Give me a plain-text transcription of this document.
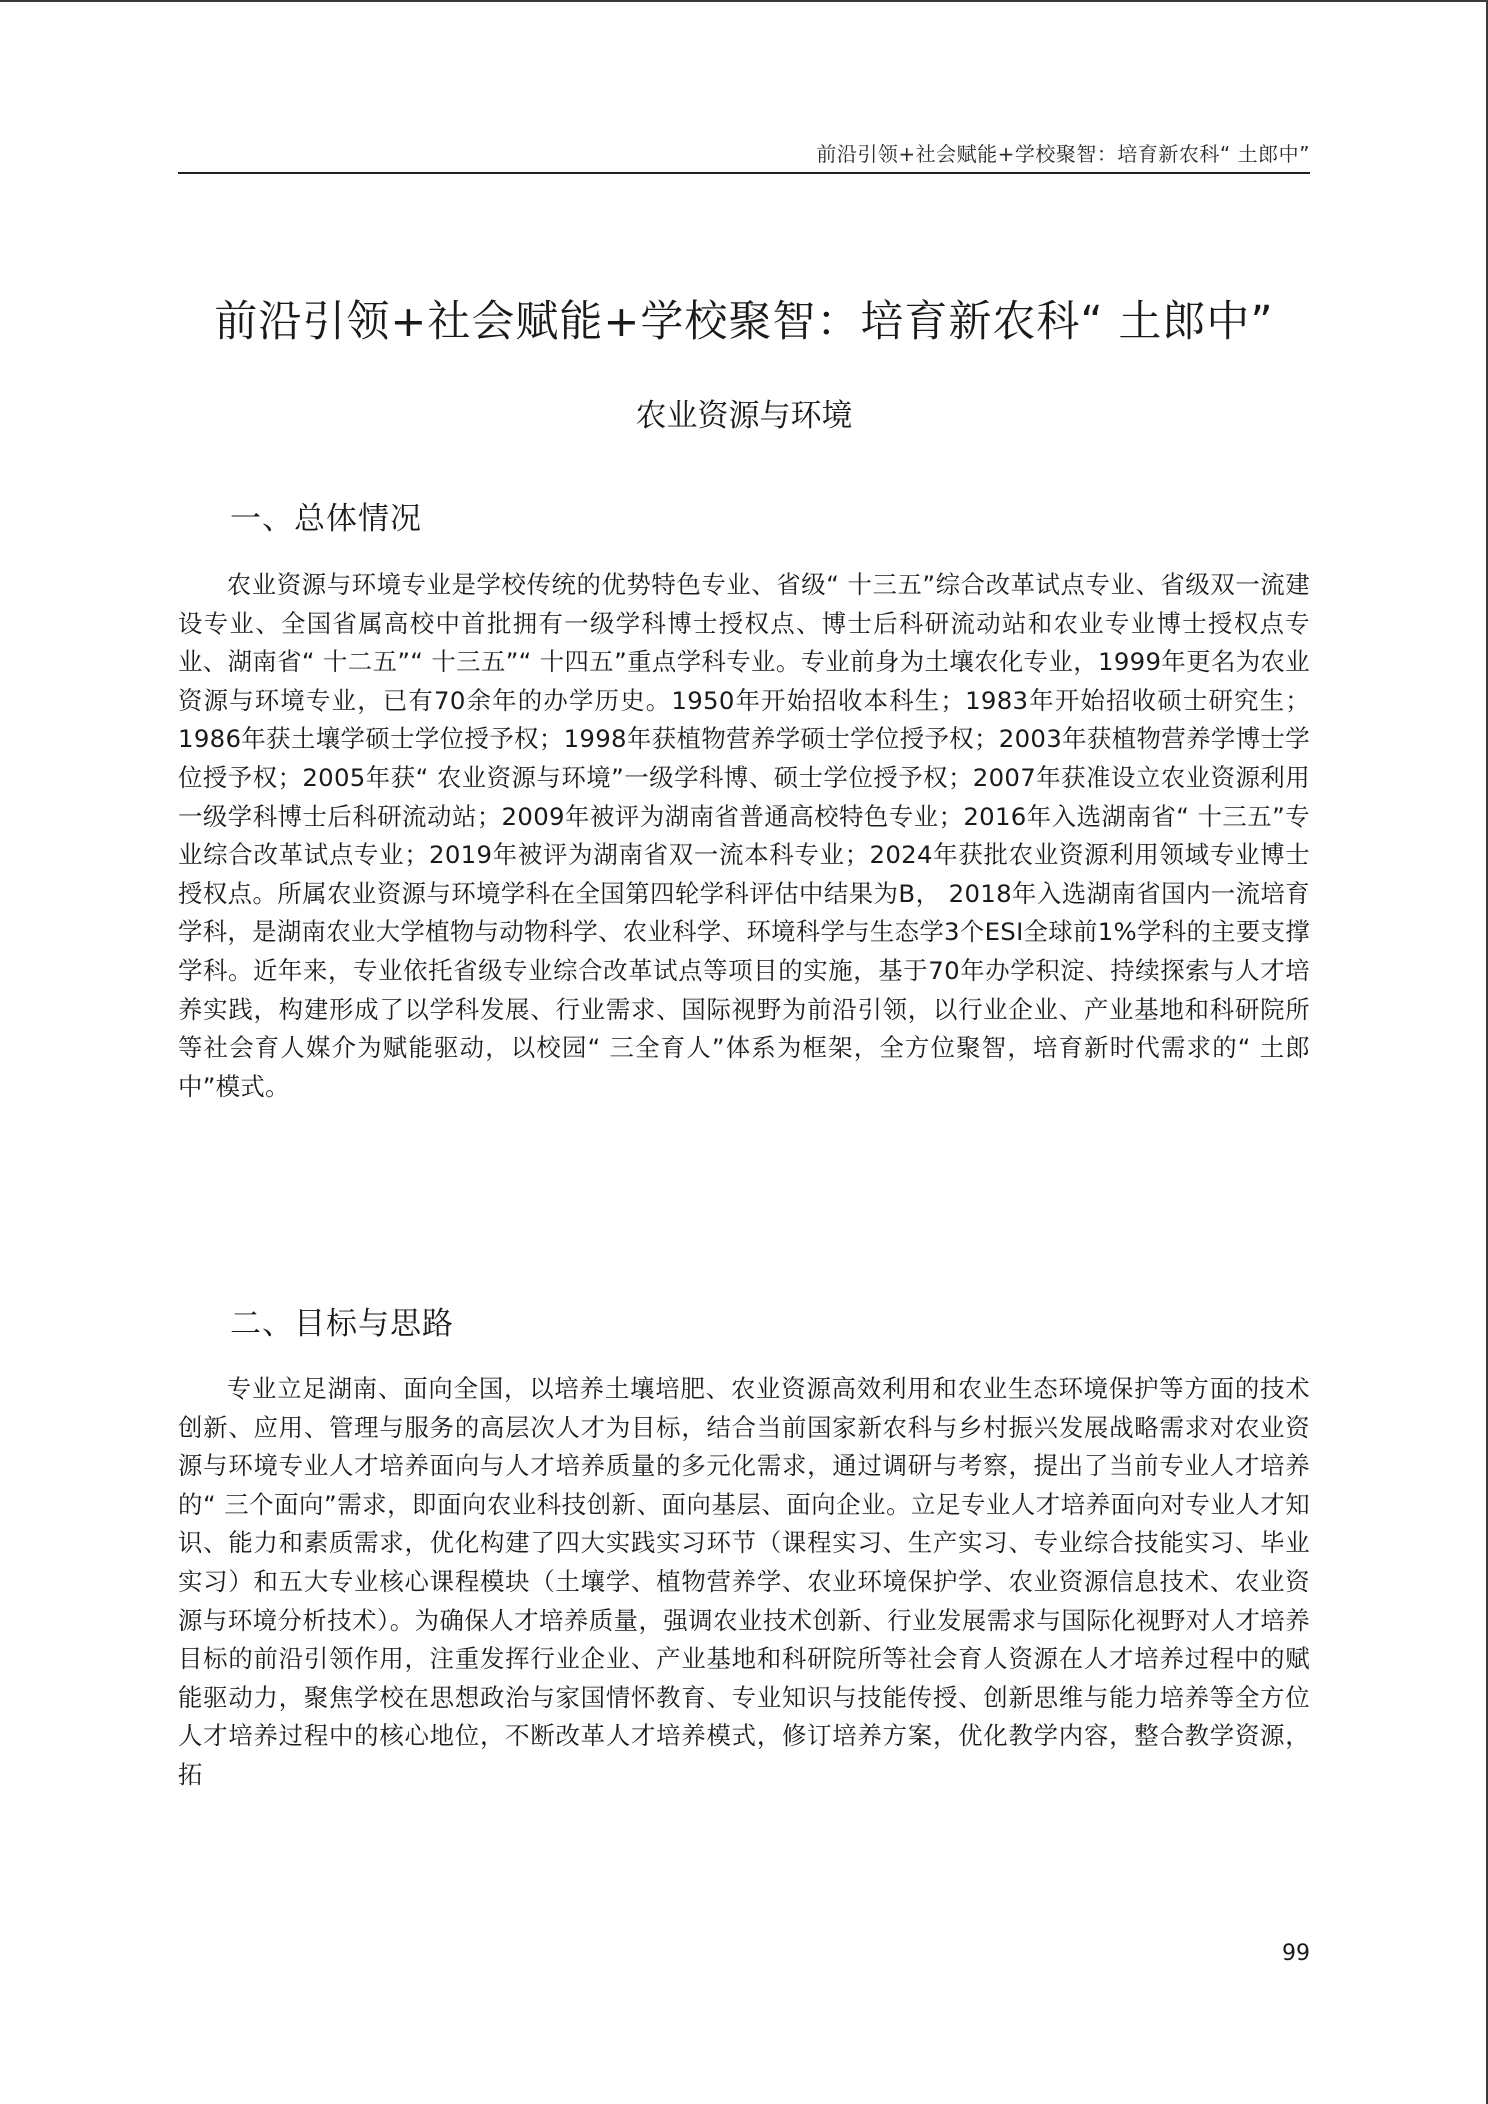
前沿引领+社会赋能+学校聚智：培育新农科“ 土郎中”
前沿引领+社会赋能+学校聚智：培育新农科“ 土郎中”
农业资源与环境
一、总体情况

农业资源与环境专业是学校传统的优势特色专业、省级“ 十三五”综合改革试点专业、省级双一流建设专业、全国省属高校中首批拥有一级学科博士授权点、博士后科研流动站和农业专业博士授权点专业、湖南省“ 十二五”“ 十三五”“ 十四五”重点学科专业。专业前身为土壤农化专业，1999年更名为农业资源与环境专业，已有70余年的办学历史。1950年开始招收本科生；1983年开始招收硕士研究生；1986年获土壤学硕士学位授予权；1998年获植物营养学硕士学位授予权；2003年获植物营养学博士学位授予权；2005年获“ 农业资源与环境”一级学科博、硕士学位授予权；2007年获准设立农业资源利用一级学科博士后科研流动站；2009年被评为湖南省普通高校特色专业；2016年入选湖南省“ 十三五”专业综合改革试点专业；2019年被评为湖南省双一流本科专业；2024年获批农业资源利用领域专业博士授权点。所属农业资源与环境学科在全国第四轮学科评估中结果为B， 2018年入选湖南省国内一流培育学科，是湖南农业大学植物与动物科学、农业科学、环境科学与生态学3个ESI全球前1%学科的主要支撑学科。近年来，专业依托省级专业综合改革试点等项目的实施，基于70年办学积淀、持续探索与人才培养实践，构建形成了以学科发展、行业需求、国际视野为前沿引领，以行业企业、产业基地和科研院所等社会育人媒介为赋能驱动，以校园“ 三全育人”体系为框架，全方位聚智，培育新时代需求的“ 土郎中”模式。

二、目标与思路

专业立足湖南、面向全国，以培养土壤培肥、农业资源高效利用和农业生态环境保护等方面的技术创新、应用、管理与服务的高层次人才为目标，结合当前国家新农科与乡村振兴发展战略需求对农业资源与环境专业人才培养面向与人才培养质量的多元化需求，通过调研与考察，提出了当前专业人才培养的“ 三个面向”需求，即面向农业科技创新、面向基层、面向企业。立足专业人才培养面向对专业人才知识、能力和素质需求，优化构建了四大实践实习环节（课程实习、生产实习、专业综合技能实习、毕业实习）和五大专业核心课程模块（土壤学、植物营养学、农业环境保护学、农业资源信息技术、农业资源与环境分析技术）。为确保人才培养质量，强调农业技术创新、行业发展需求与国际化视野对人才培养目标的前沿引领作用，注重发挥行业企业、产业基地和科研院所等社会育人资源在人才培养过程中的赋能驱动力，聚焦学校在思想政治与家国情怀教育、专业知识与技能传授、创新思维与能力培养等全方位人才培养过程中的核心地位，不断改革人才培养模式，修订培养方案，优化教学内容，整合教学资源，拓

99
